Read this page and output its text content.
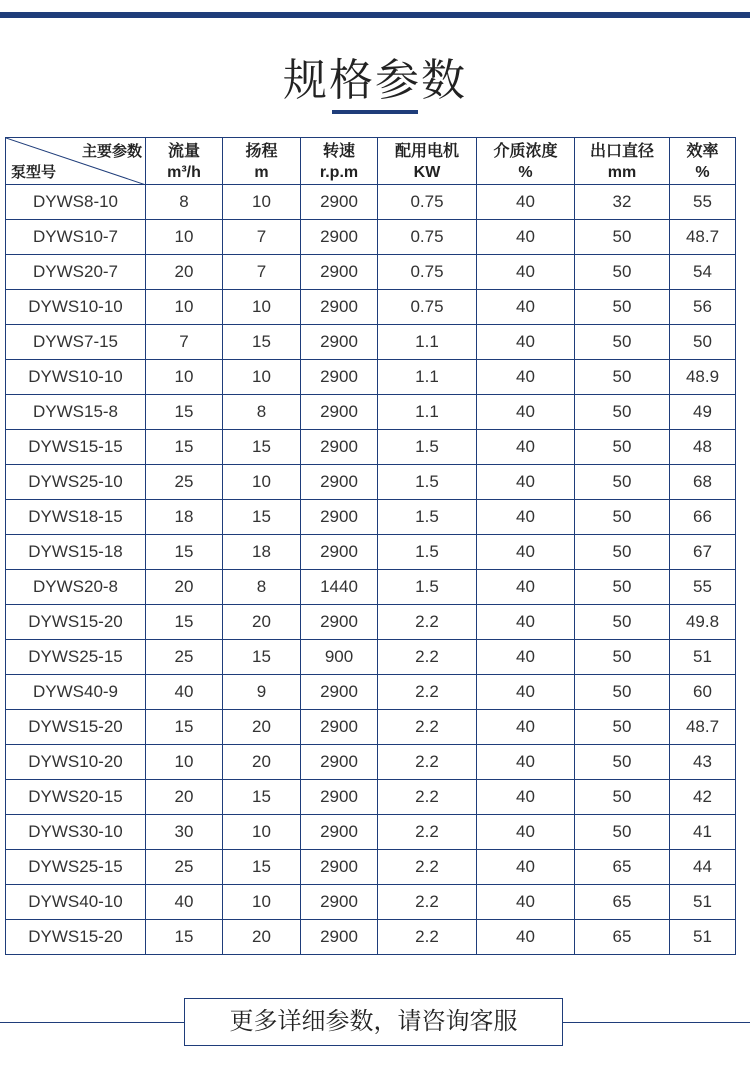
规格参数
主要参数
泵型号	流量	扬程	转速	配用电机	介质浓度	出口直径	效率
	m³/h	m	r.p.m	KW	%	mm	%
DYWS8-10	8	10	2900	0.75	40	32	55
DYWS10-7	10	7	2900	0.75	40	50	48.7
DYWS20-7	20	7	2900	0.75	40	50	54
DYWS10-10	10	10	2900	0.75	40	50	56
DYWS7-15	7	15	2900	1.1	40	50	50
DYWS10-10	10	10	2900	1.1	40	50	48.9
DYWS15-8	15	8	2900	1.1	40	50	49
DYWS15-15	15	15	2900	1.5	40	50	48
DYWS25-10	25	10	2900	1.5	40	50	68
DYWS18-15	18	15	2900	1.5	40	50	66
DYWS15-18	15	18	2900	1.5	40	50	67
DYWS20-8	20	8	1440	1.5	40	50	55
DYWS15-20	15	20	2900	2.2	40	50	49.8
DYWS25-15	25	15	900	2.2	40	50	51
DYWS40-9	40	9	2900	2.2	40	50	60
DYWS15-20	15	20	2900	2.2	40	50	48.7
DYWS10-20	10	20	2900	2.2	40	50	43
DYWS20-15	20	15	2900	2.2	40	50	42
DYWS30-10	30	10	2900	2.2	40	50	41
DYWS25-15	25	15	2900	2.2	40	65	44
DYWS40-10	40	10	2900	2.2	40	65	51
DYWS15-20	15	20	2900	2.2	40	65	51
更多详细参数，请咨询客服
